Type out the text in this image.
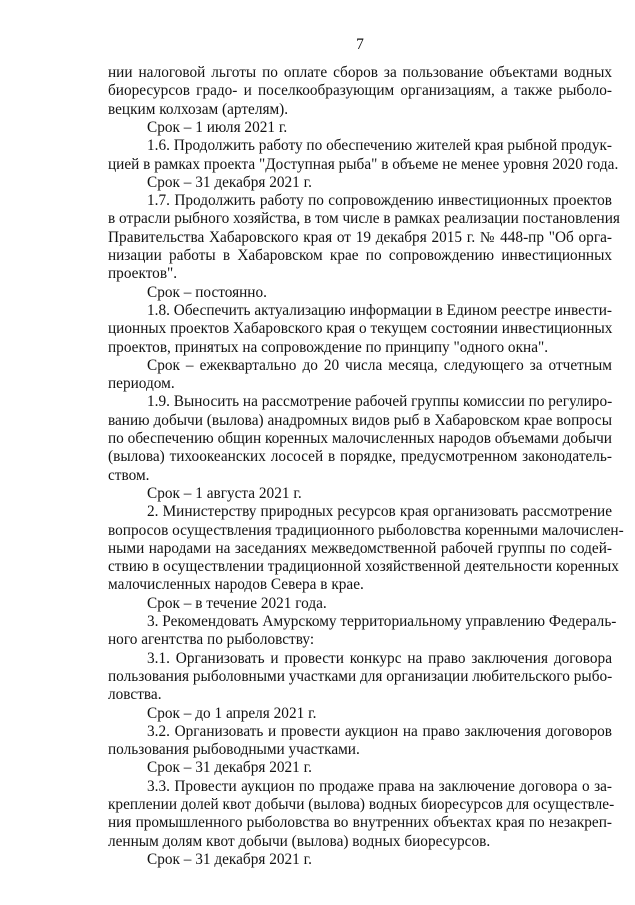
7
нии налоговой льготы по оплате сборов за пользование объектами водных
биоресурсов градо- и поселкообразующим организациям, а также рыболо-
вецким колхозам (артелям).
Срок – 1 июля 2021 г.
1.6. Продолжить работу по обеспечению жителей края рыбной продук-
цией в рамках проекта "Доступная рыба" в объеме не менее уровня 2020 года.
Срок – 31 декабря 2021 г.
1.7. Продолжить работу по сопровождению инвестиционных проектов
в отрасли рыбного хозяйства, в том числе в рамках реализации постановления
Правительства Хабаровского края от 19 декабря 2015 г. № 448-пр "Об орга-
низации работы в Хабаровском крае по сопровождению инвестиционных
проектов".
Срок – постоянно.
1.8. Обеспечить актуализацию информации в Едином реестре инвести-
ционных проектов Хабаровского края о текущем состоянии инвестиционных
проектов, принятых на сопровождение по принципу "одного окна".
Срок – ежеквартально до 20 числа месяца, следующего за отчетным
периодом.
1.9. Выносить на рассмотрение рабочей группы комиссии по регулиро-
ванию добычи (вылова) анадромных видов рыб в Хабаровском крае вопросы
по обеспечению общин коренных малочисленных народов объемами добычи
(вылова) тихоокеанских лососей в порядке, предусмотренном законодатель-
ством.
Срок – 1 августа 2021 г.
2. Министерству природных ресурсов края организовать рассмотрение
вопросов осуществления традиционного рыболовства коренными малочислен-
ными народами на заседаниях межведомственной рабочей группы по содей-
ствию в осуществлении традиционной хозяйственной деятельности коренных
малочисленных народов Севера в крае.
Срок – в течение 2021 года.
3. Рекомендовать Амурскому территориальному управлению Федераль-
ного агентства по рыболовству:
3.1. Организовать и провести конкурс на право заключения договора
пользования рыболовными участками для организации любительского рыбо-
ловства.
Срок – до 1 апреля 2021 г.
3.2. Организовать и провести аукцион на право заключения договоров
пользования рыбоводными участками.
Срок – 31 декабря 2021 г.
3.3. Провести аукцион по продаже права на заключение договора о за-
креплении долей квот добычи (вылова) водных биоресурсов для осуществле-
ния промышленного рыболовства во внутренних объектах края по незакреп-
ленным долям квот добычи (вылова) водных биоресурсов.
Срок – 31 декабря 2021 г.
